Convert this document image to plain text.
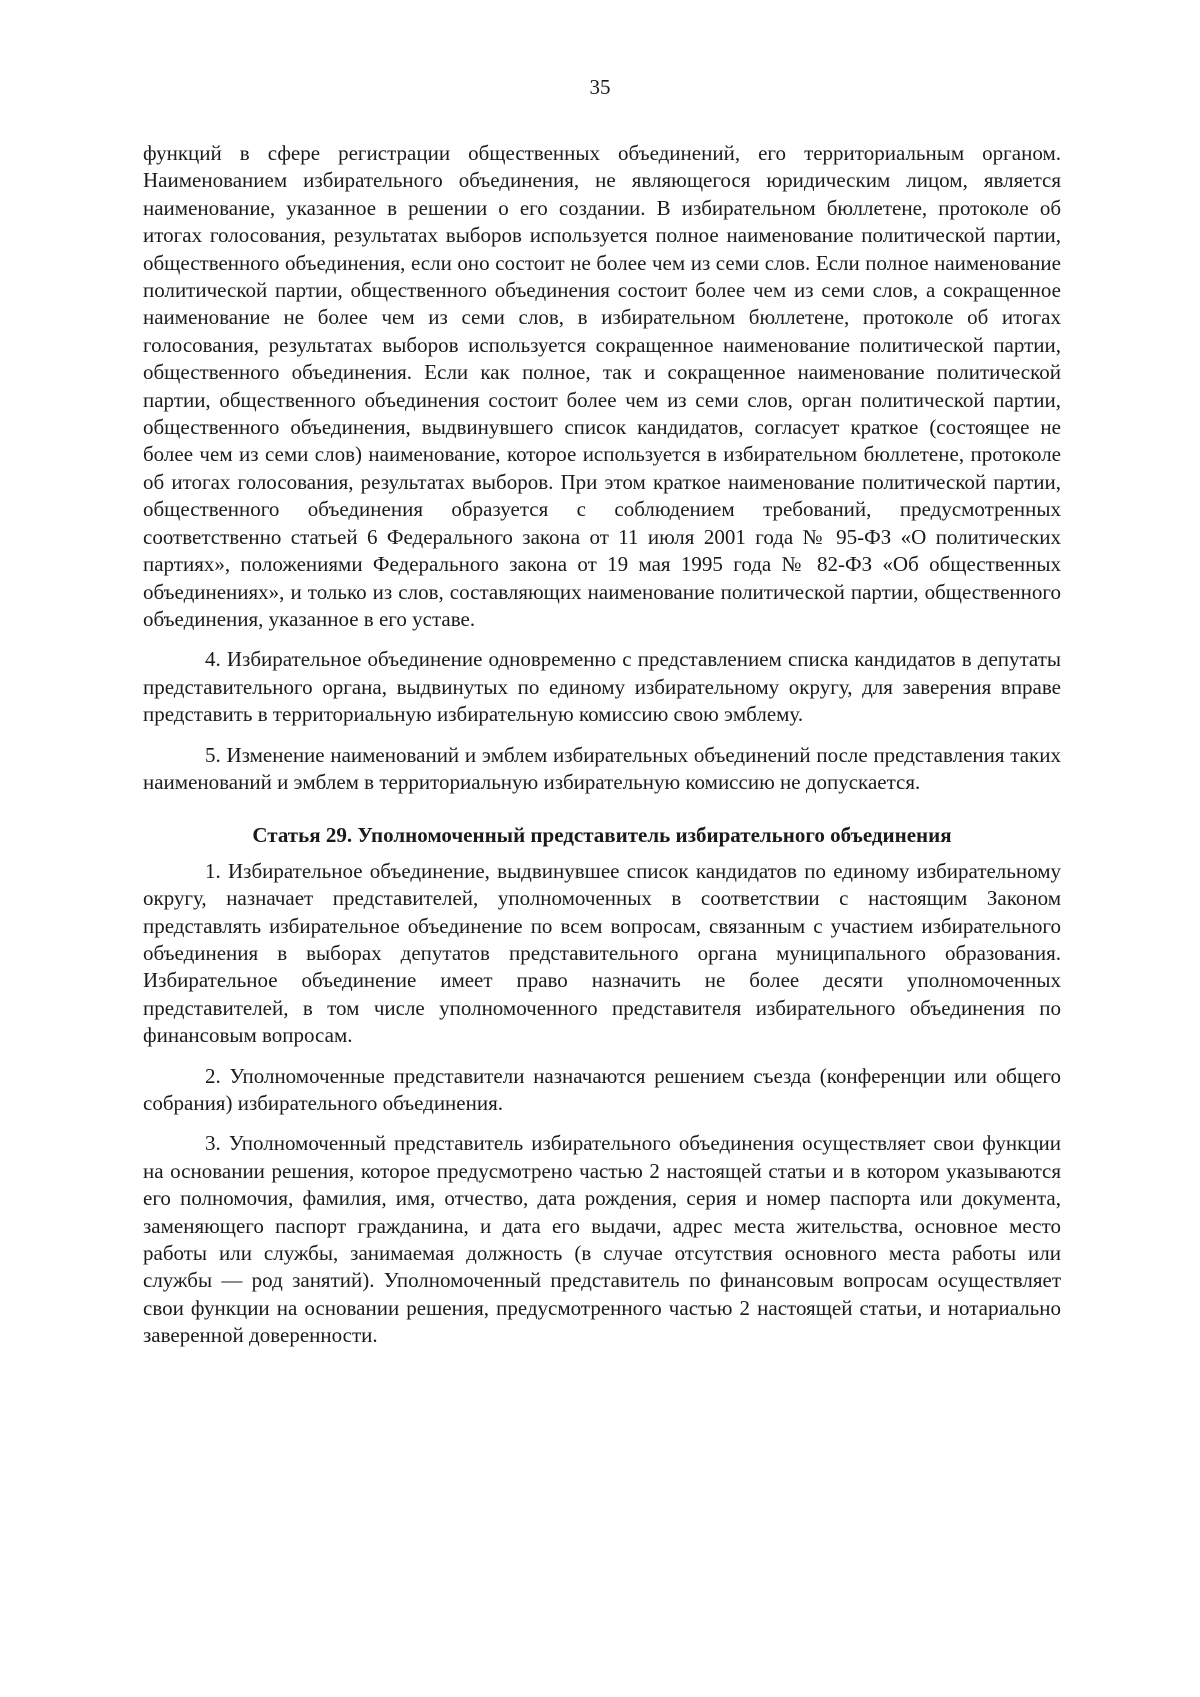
35

функций в сфере регистрации общественных объединений, его территориальным органом. Наименованием избирательного объединения, не являющегося юридическим лицом, является наименование, указанное в решении о его создании. В избирательном бюллетене, протоколе об итогах голосования, результатах выборов используется полное наименование политической партии, общественного объединения, если оно состоит не более чем из семи слов. Если полное наименование политической партии, общественного объединения состоит более чем из семи слов, а сокращенное наименование не более чем из семи слов, в избирательном бюллетене, протоколе об итогах голосования, результатах выборов используется сокращенное наименование политической партии, общественного объединения. Если как полное, так и сокращенное наименование политической партии, общественного объединения состоит более чем из семи слов, орган политической партии, общественного объединения, выдвинувшего список кандидатов, согласует краткое (состоящее не более чем из семи слов) наименование, которое используется в избирательном бюллетене, протоколе об итогах голосования, результатах выборов. При этом краткое наименование политической партии, общественного объединения образуется с соблюдением требований, предусмотренных соответственно статьей 6 Федерального закона от 11 июля 2001 года № 95-ФЗ «О политических партиях», положениями Федерального закона от 19 мая 1995 года № 82-ФЗ «Об общественных объединениях», и только из слов, составляющих наименование политической партии, общественного объединения, указанное в его уставе.

4. Избирательное объединение одновременно с представлением списка кандидатов в депутаты представительного органа, выдвинутых по единому избирательному округу, для заверения вправе представить в территориальную избирательную комиссию свою эмблему.

5. Изменение наименований и эмблем избирательных объединений после представления таких наименований и эмблем в территориальную избирательную комиссию не допускается.

Статья 29. Уполномоченный представитель избирательного объединения

1. Избирательное объединение, выдвинувшее список кандидатов по единому избирательному округу, назначает представителей, уполномоченных в соответствии с настоящим Законом представлять избирательное объединение по всем вопросам, связанным с участием избирательного объединения в выборах депутатов представительного органа муниципального образования. Избирательное объединение имеет право назначить не более десяти уполномоченных представителей, в том числе уполномоченного представителя избирательного объединения по финансовым вопросам.

2. Уполномоченные представители назначаются решением съезда (конференции или общего собрания) избирательного объединения.

3. Уполномоченный представитель избирательного объединения осуществляет свои функции на основании решения, которое предусмотрено частью 2 настоящей статьи и в котором указываются его полномочия, фамилия, имя, отчество, дата рождения, серия и номер паспорта или документа, заменяющего паспорт гражданина, и дата его выдачи, адрес места жительства, основное место работы или службы, занимаемая должность (в случае отсутствия основного места работы или службы — род занятий). Уполномоченный представитель по финансовым вопросам осуществляет свои функции на основании решения, предусмотренного частью 2 настоящей статьи, и нотариально заверенной доверенности.
